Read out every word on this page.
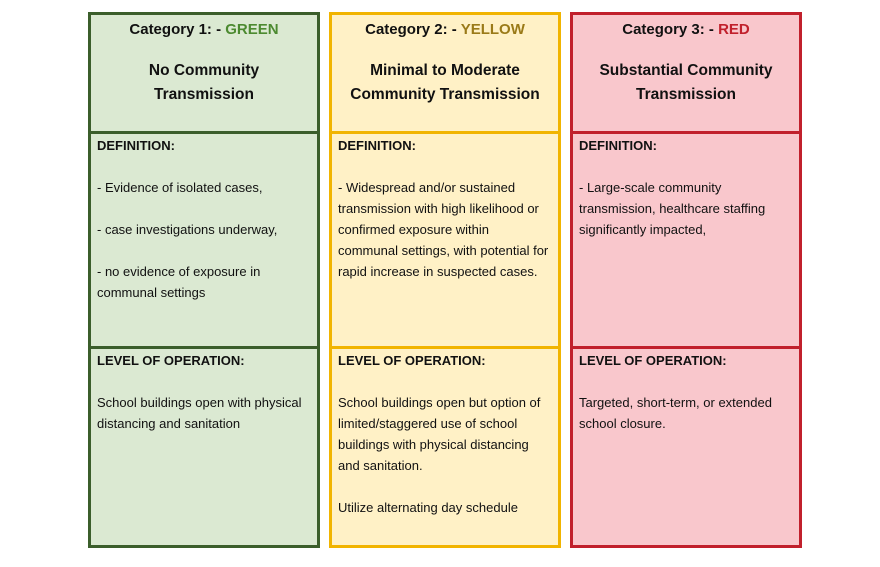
Category 1: - GREEN
No Community
Transmission
DEFINITION:

- Evidence of isolated cases,

- case investigations underway,

- no evidence of exposure in communal settings

LEVEL OF OPERATION:

School buildings open with physical distancing and sanitation

Category 2: - YELLOW
Minimal to Moderate
Community Transmission
DEFINITION:

- Widespread and/or sustained transmission with high likelihood or confirmed exposure within communal settings, with potential for rapid increase in suspected cases.

LEVEL OF OPERATION:

School buildings open but option of limited/staggered use of school buildings with physical distancing and sanitation.

Utilize alternating day schedule

Category 3: - RED
Substantial Community
Transmission
DEFINITION:

- Large-scale community transmission, healthcare staffing significantly impacted,

LEVEL OF OPERATION:

Targeted, short-term, or extended school closure.
